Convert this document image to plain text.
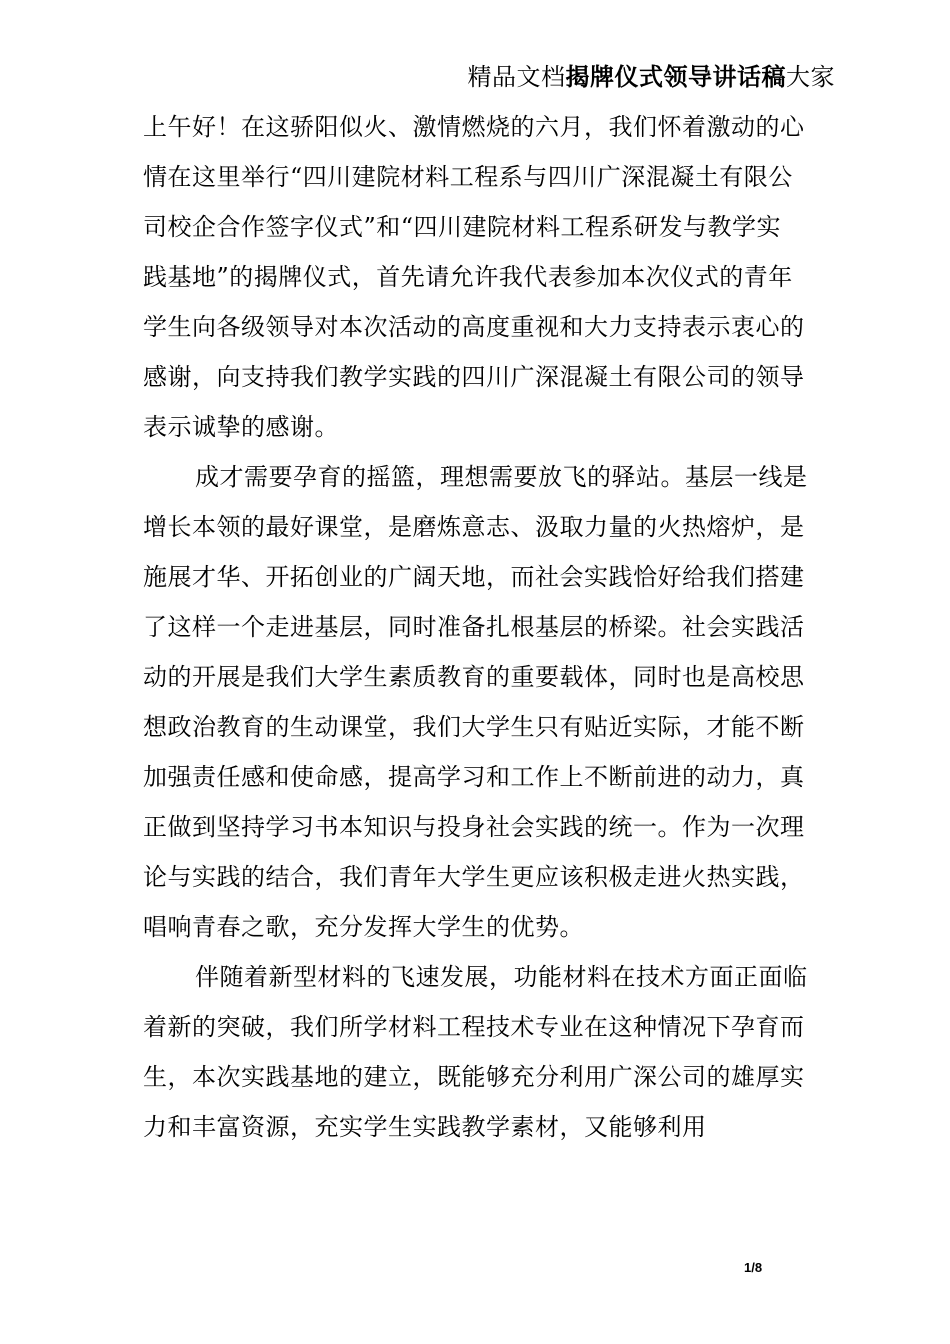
精品文档揭牌仪式领导讲话稿大家
上午好！在这骄阳似火、激情燃烧的六月，我们怀着激动的心
情在这里举行“四川建院材料工程系与四川广深混凝土有限公
司校企合作签字仪式”和“四川建院材料工程系研发与教学实
践基地”的揭牌仪式，首先请允许我代表参加本次仪式的青年
学生向各级领导对本次活动的高度重视和大力支持表示衷心的
感谢，向支持我们教学实践的四川广深混凝土有限公司的领导
表示诚挚的感谢。
成才需要孕育的摇篮，理想需要放飞的驿站。基层一线是
增长本领的最好课堂，是磨炼意志、汲取力量的火热熔炉，是
施展才华、开拓创业的广阔天地，而社会实践恰好给我们搭建
了这样一个走进基层，同时准备扎根基层的桥梁。社会实践活
动的开展是我们大学生素质教育的重要载体，同时也是高校思
想政治教育的生动课堂，我们大学生只有贴近实际，才能不断
加强责任感和使命感，提高学习和工作上不断前进的动力，真
正做到坚持学习书本知识与投身社会实践的统一。作为一次理
论与实践的结合，我们青年大学生更应该积极走进火热实践，
唱响青春之歌，充分发挥大学生的优势。
伴随着新型材料的飞速发展，功能材料在技术方面正面临
着新的突破，我们所学材料工程技术专业在这种情况下孕育而
生，本次实践基地的建立，既能够充分利用广深公司的雄厚实
力和丰富资源，充实学生实践教学素材，又能够利用
1/8
